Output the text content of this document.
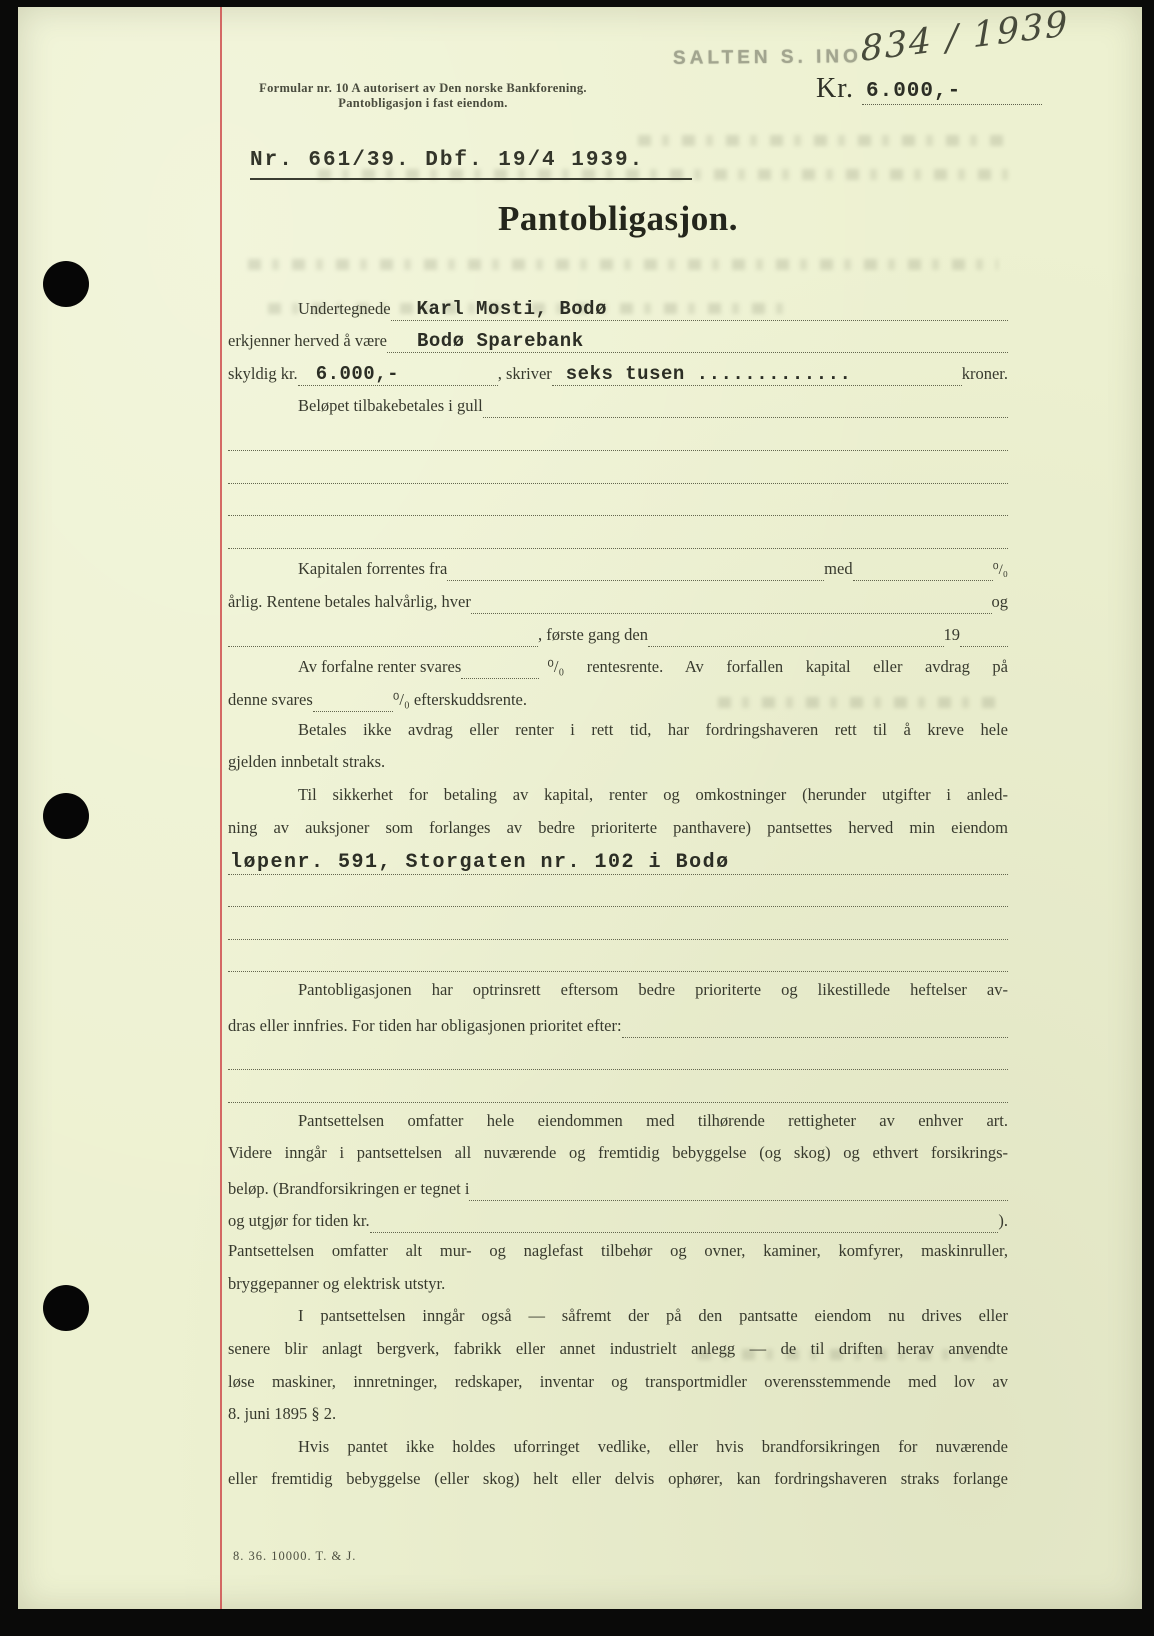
Formular nr. 10 A autorisert av Den norske Bankforening.
Pantobligasjon i fast eiendom.
SALTEN S. INO
834 / 1939
Kr. 6.000,-
Nr. 661/39. Dbf. 19/4 1939.
Pantobligasjon.
Undertegnede Karl Mosti, Bodø
erkjenner herved å være Bodø Sparebank
skyldig kr. 6.000,-	, skriver seks tusen .............	kroner.
Beløpet tilbakebetales i gull
Kapitalen forrentes fra	med	⁰/₀
årlig. Rentene betales halvårlig, hver	og
, første gang den	19
Av forfalne renter svares	⁰/₀ rentesrente. Av forfallen kapital eller avdrag på
denne svares	⁰/₀ efterskuddsrente.
Betales ikke avdrag eller renter i rett tid, har fordringshaveren rett til å kreve hele
gjelden innbetalt straks.
Til sikkerhet for betaling av kapital, renter og omkostninger (herunder utgifter i anled-
ning av auksjoner som forlanges av bedre prioriterte panthavere) pantsettes herved min eiendom
løpenr. 591, Storgaten nr. 102 i Bodø
Pantobligasjonen har optrinsrett eftersom bedre prioriterte og likestillede heftelser av-
dras eller innfries. For tiden har obligasjonen prioritet efter:
Pantsettelsen omfatter hele eiendommen med tilhørende rettigheter av enhver art.
Videre inngår i pantsettelsen all nuværende og fremtidig bebyggelse (og skog) og ethvert forsikrings-
beløp. (Brandforsikringen er tegnet i
og utgjør for tiden kr.	).
Pantsettelsen omfatter alt mur- og naglefast tilbehør og ovner, kaminer, komfyrer, maskinruller,
bryggepanner og elektrisk utstyr.
I pantsettelsen inngår også — såfremt der på den pantsatte eiendom nu drives eller
senere blir anlagt bergverk, fabrikk eller annet industrielt anlegg — de til driften herav anvendte
løse maskiner, innretninger, redskaper, inventar og transportmidler overensstemmende med lov av
8. juni 1895 § 2.
Hvis pantet ikke holdes uforringet vedlike, eller hvis brandforsikringen for nuværende
eller fremtidig bebyggelse (eller skog) helt eller delvis ophører, kan fordringshaveren straks forlange
8. 36. 10000. T. & J.
